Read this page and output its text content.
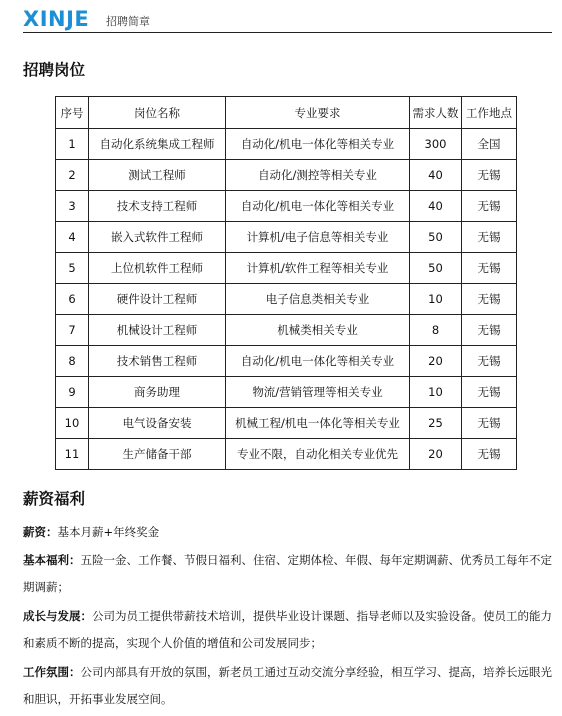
XINJE 招聘简章
招聘岗位
序号	岗位名称	专业要求	需求人数	工作地点
1	自动化系统集成工程师	自动化/机电一体化等相关专业	300	全国
2	测试工程师	自动化/测控等相关专业	40	无锡
3	技术支持工程师	自动化/机电一体化等相关专业	40	无锡
4	嵌入式软件工程师	计算机/电子信息等相关专业	50	无锡
5	上位机软件工程师	计算机/软件工程等相关专业	50	无锡
6	硬件设计工程师	电子信息类相关专业	10	无锡
7	机械设计工程师	机械类相关专业	8	无锡
8	技术销售工程师	自动化/机电一体化等相关专业	20	无锡
9	商务助理	物流/营销管理等相关专业	10	无锡
10	电气设备安装	机械工程/机电一体化等相关专业	25	无锡
11	生产储备干部	专业不限，自动化相关专业优先	20	无锡
薪资福利
薪资：基本月薪+年终奖金
基本福利：五险一金、工作餐、节假日福利、住宿、定期体检、年假、每年定期调薪、优秀员工每年不定期调薪；
成长与发展：公司为员工提供带薪技术培训，提供毕业设计课题、指导老师以及实验设备。使员工的能力和素质不断的提高，实现个人价值的增值和公司发展同步；
工作氛围：公司内部具有开放的氛围，新老员工通过互动交流分享经验，相互学习、提高，培养长远眼光和胆识，开拓事业发展空间。
